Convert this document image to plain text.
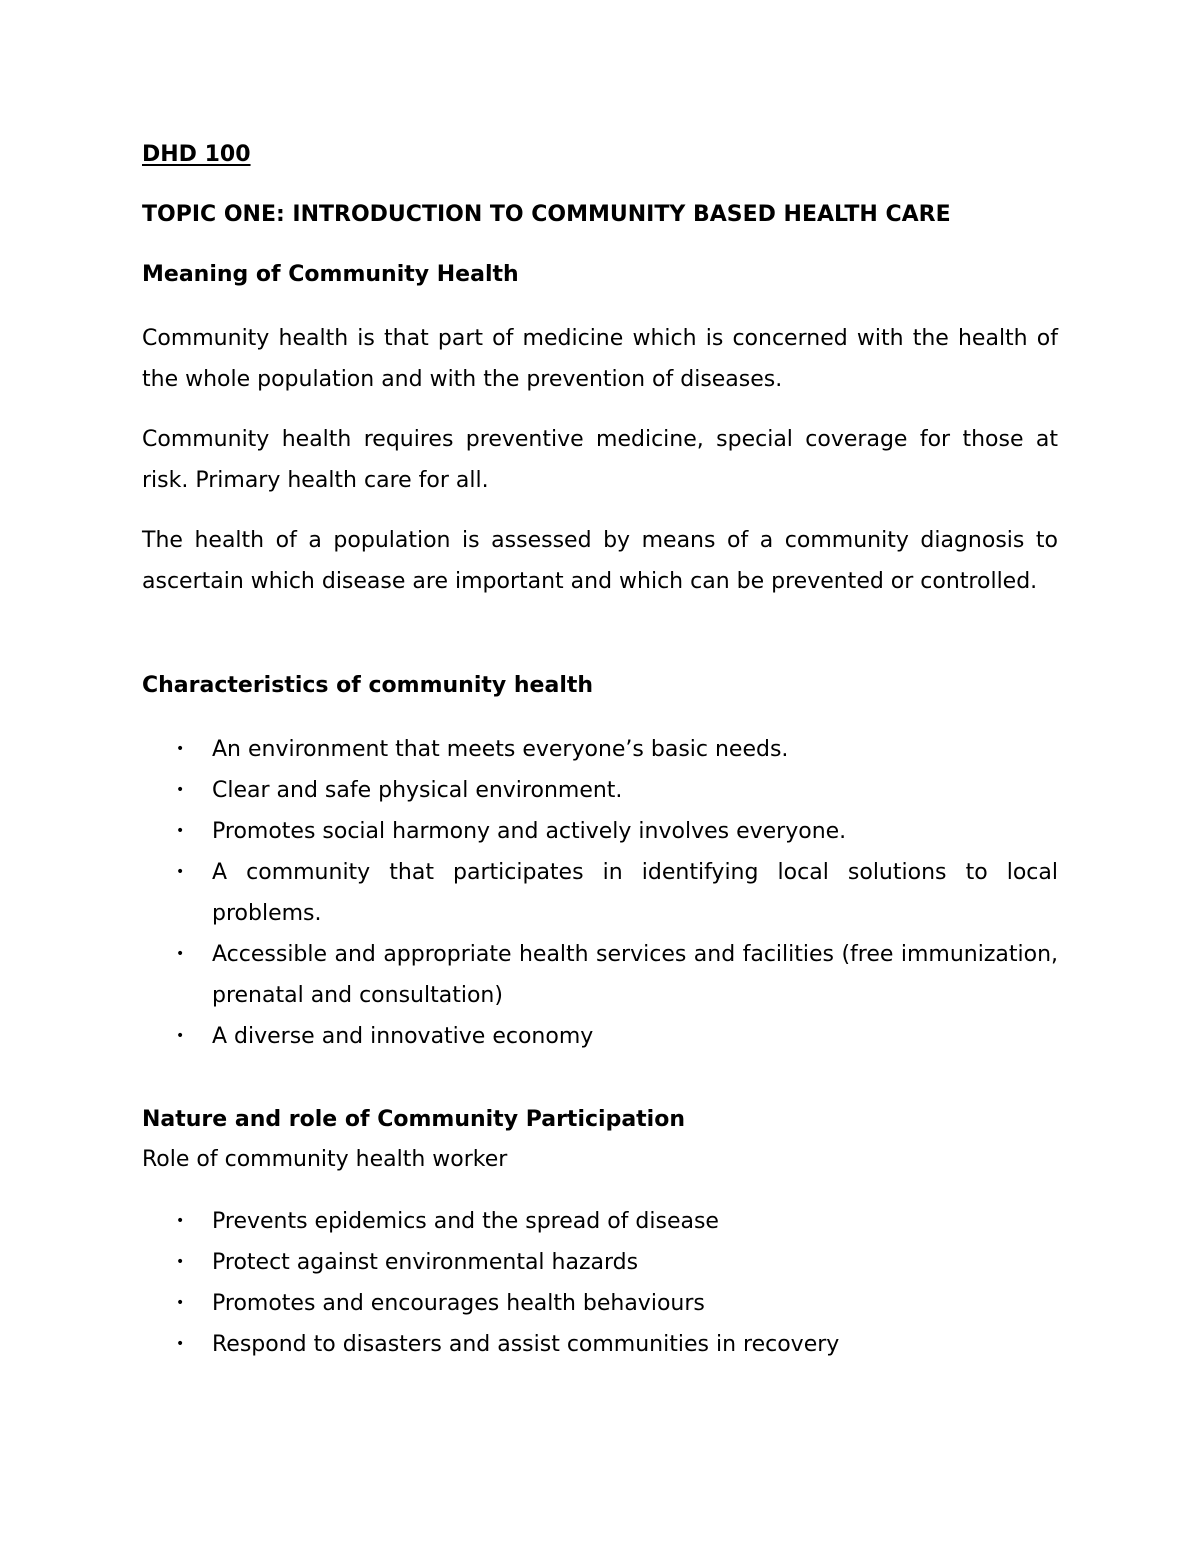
DHD 100
TOPIC ONE: INTRODUCTION TO COMMUNITY BASED HEALTH CARE
Meaning of Community Health

Community health is that part of medicine which is concerned with the health of the whole population and with the prevention of diseases.

Community health requires preventive medicine, special coverage for those at risk. Primary health care for all.

The health of a population is assessed by means of a community diagnosis to ascertain which disease are important and which can be prevented or controlled.

Characteristics of community health
• An environment that meets everyone’s basic needs.
• Clear and safe physical environment.
• Promotes social harmony and actively involves everyone.
• A community that participates in identifying local solutions to local problems.
• Accessible and appropriate health services and facilities (free immunization, prenatal and consultation)
• A diverse and innovative economy
Nature and role of Community Participation
Role of community health worker
• Prevents epidemics and the spread of disease
• Protect against environmental hazards
• Promotes and encourages health behaviours
• Respond to disasters and assist communities in recovery
